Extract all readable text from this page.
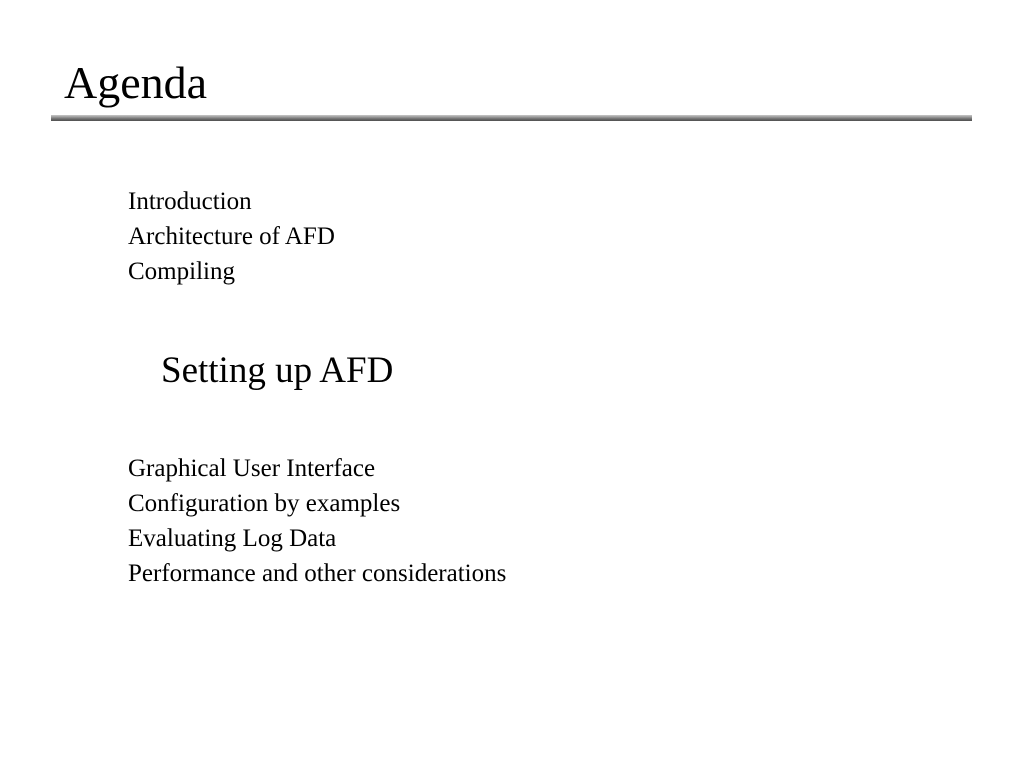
Agenda
Introduction
Architecture of AFD
Compiling
Setting up AFD
Graphical User Interface
Configuration by examples
Evaluating Log Data
Performance and other considerations
